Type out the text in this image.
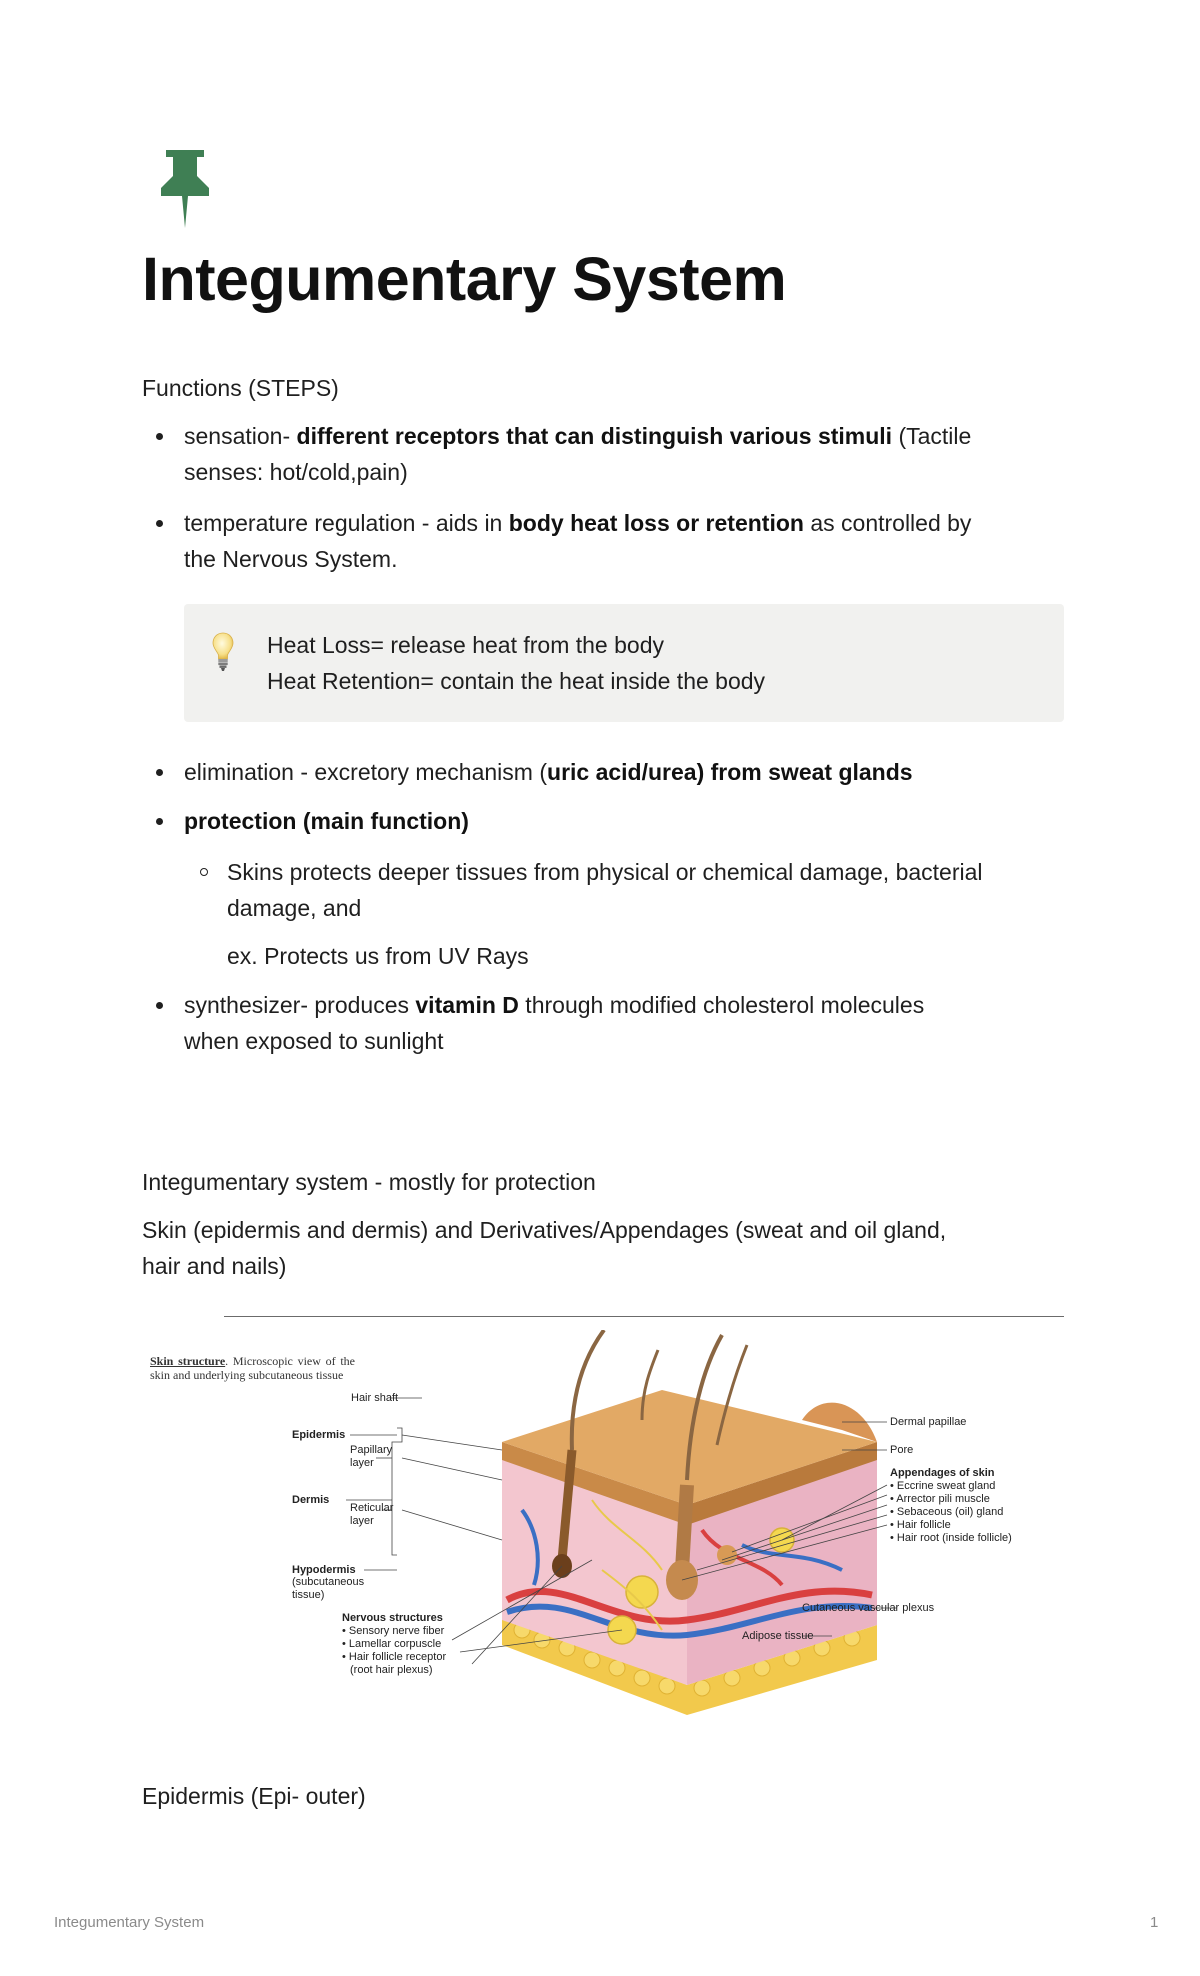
Integumentary System

Functions (STEPS)

sensation- different receptors that can distinguish various stimuli (Tactile
senses: hot/cold,pain)
temperature regulation - aids in body heat loss or retention as controlled by
the Nervous System.
Heat Loss= release heat from the body
Heat Retention= contain the heat inside the body
elimination - excretory mechanism (uric acid/urea) from sweat glands
protection (main function)
Skins protects deeper tissues from physical or chemical damage, bacterial
damage, and

ex. Protects us from UV Rays

synthesizer- produces vitamin D through modified cholesterol molecules
when exposed to sunlight

Integumentary system - mostly for protection

Skin (epidermis and dermis) and Derivatives/Appendages (sweat and oil gland,
hair and nails)
Skin structure. Microscopic view of the skin and underlying subcutaneous tissue
Hair shaft
Epidermis
Papillary layer
Dermis
Reticular layer
Hypodermis
(subcutaneous tissue)
Nervous structures
• Sensory nerve fiber
• Lamellar corpuscle
• Hair follicle receptor
(root hair plexus)
Dermal papillae
Pore
Appendages of skin
• Eccrine sweat gland
• Arrector pili muscle
• Sebaceous (oil) gland
• Hair follicle
• Hair root (inside follicle)
Cutaneous vascular plexus
Adipose tissue

Epidermis (Epi- outer)

Integumentary System	1
